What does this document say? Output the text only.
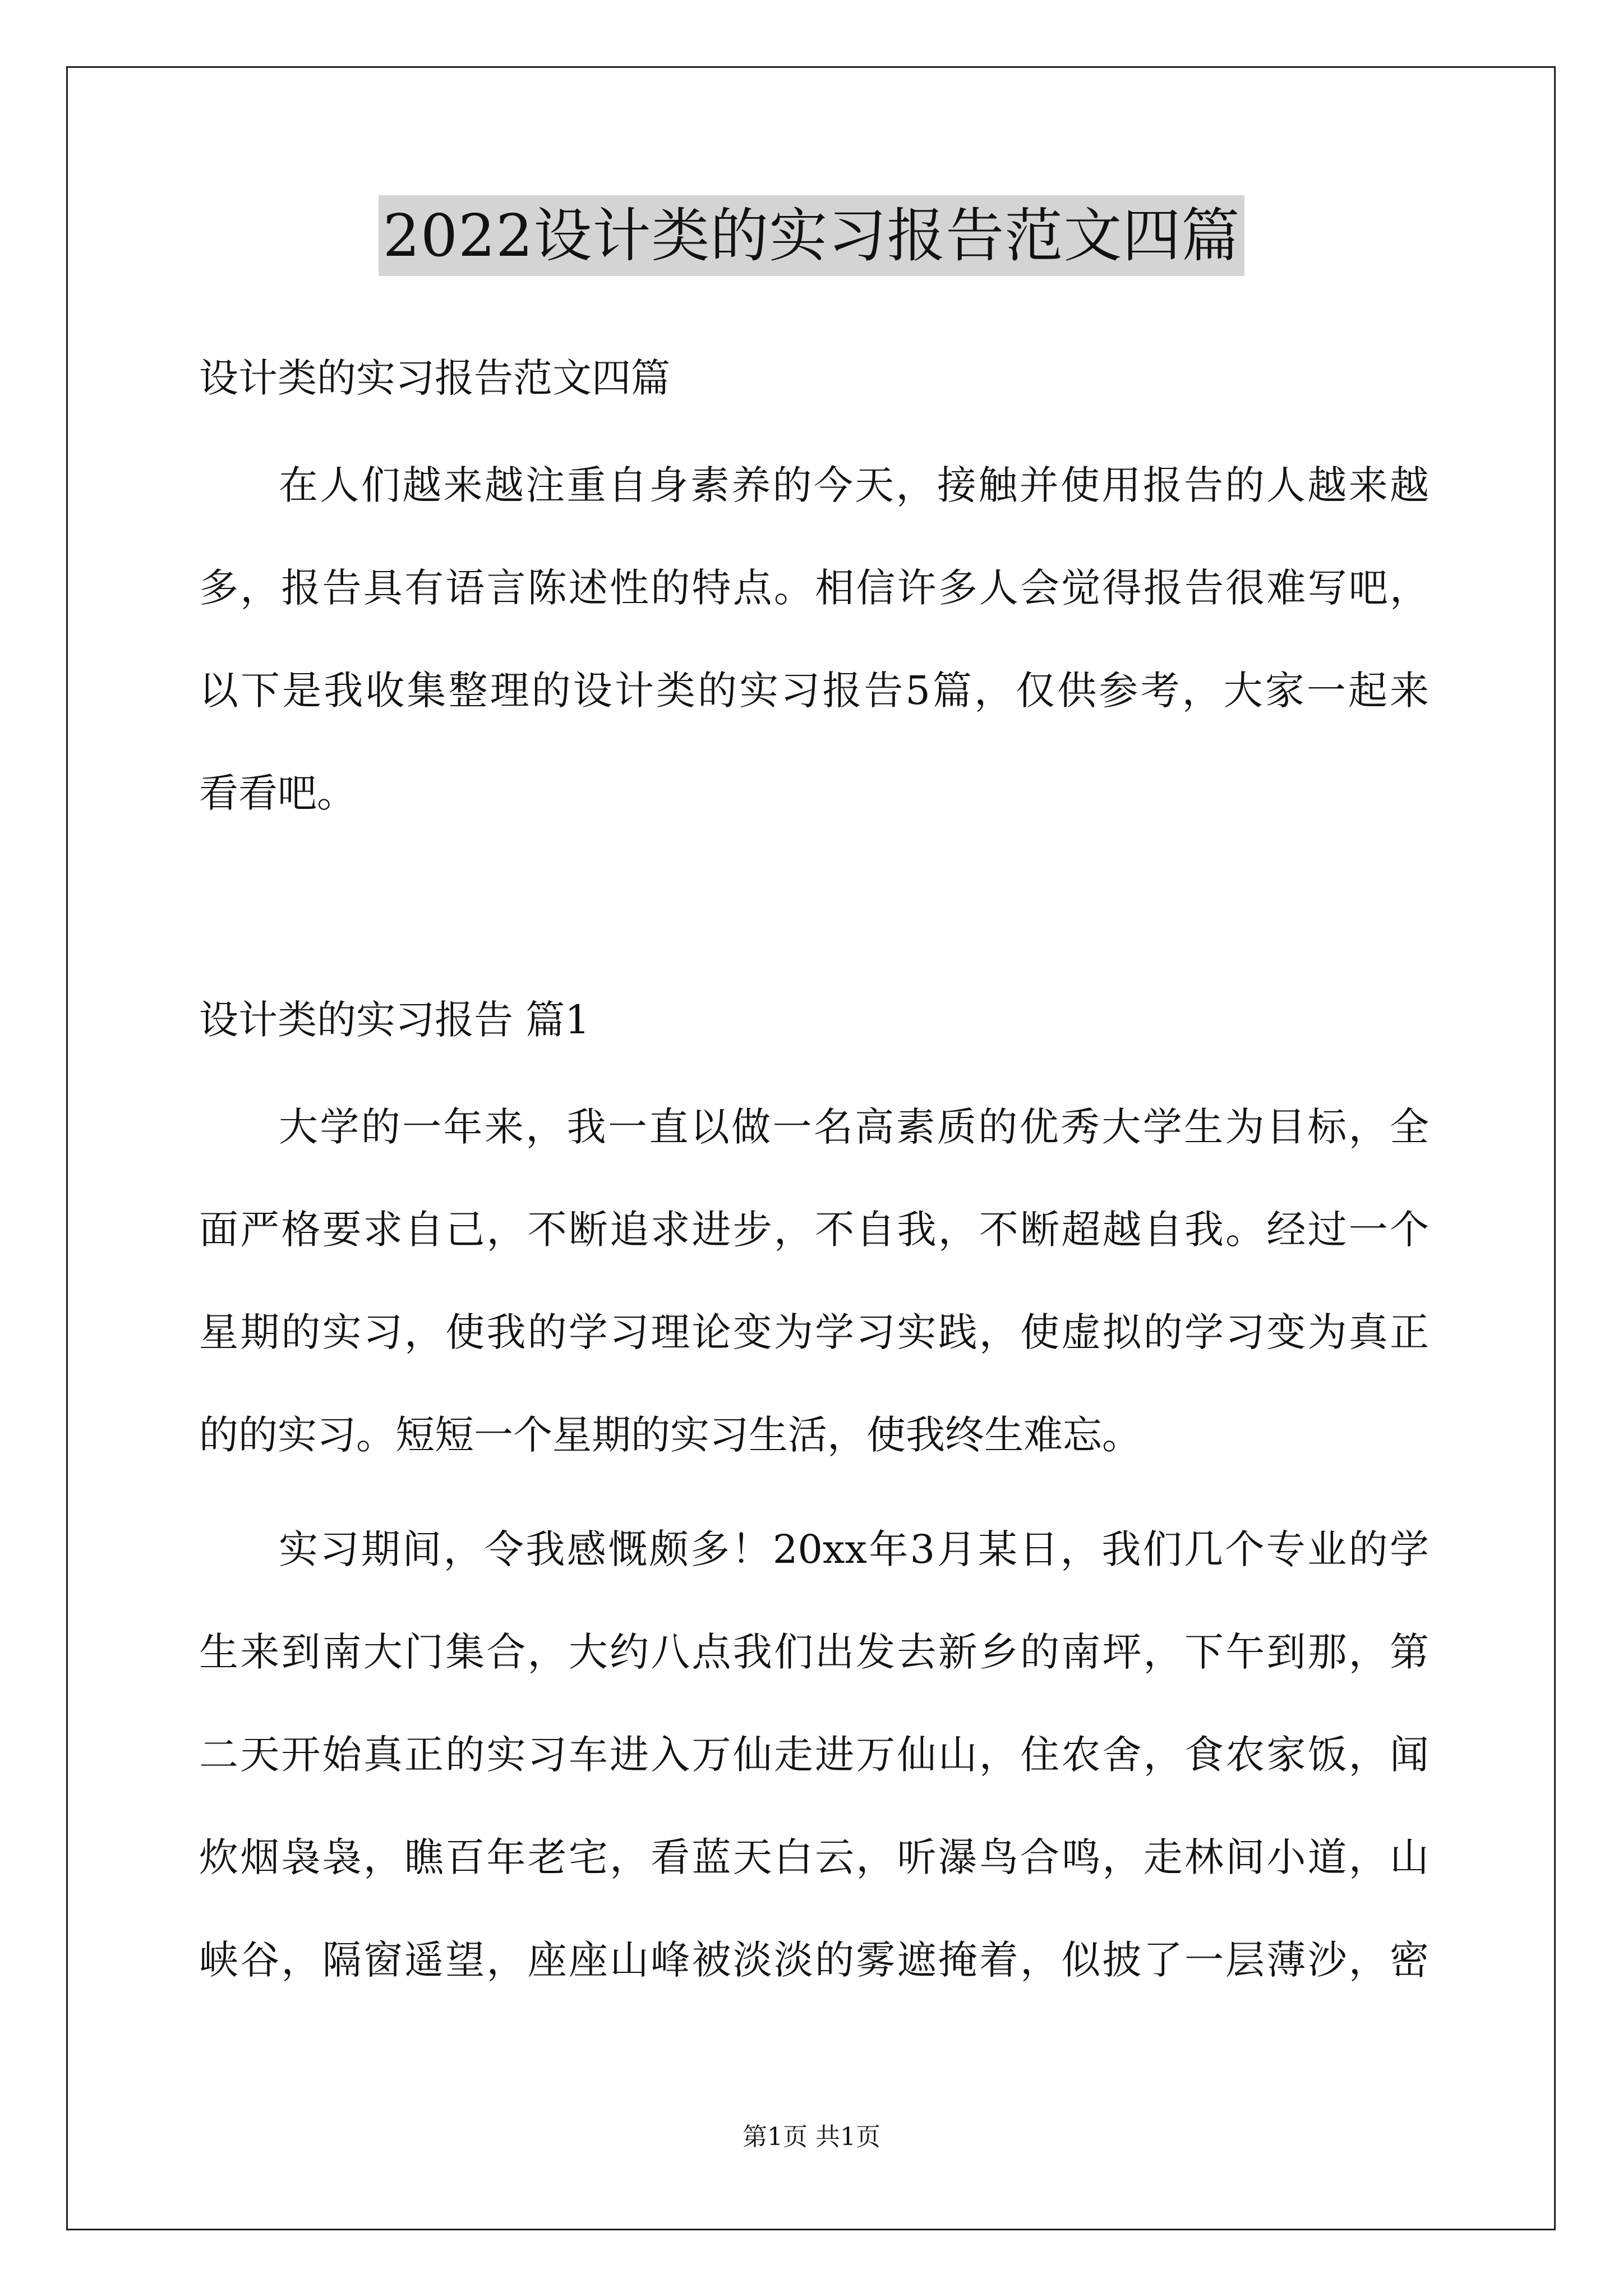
2022设计类的实习报告范文四篇
设计类的实习报告范文四篇
在人们越来越注重自身素养的今天，接触并使用报告的人越来越
多，报告具有语言陈述性的特点。相信许多人会觉得报告很难写吧，
以下是我收集整理的设计类的实习报告5篇，仅供参考，大家一起来
看看吧。
设计类的实习报告 篇1
大学的一年来，我一直以做一名高素质的优秀大学生为目标，全
面严格要求自己，不断追求进步，不自我，不断超越自我。经过一个
星期的实习，使我的学习理论变为学习实践，使虚拟的学习变为真正
的的实习。短短一个星期的实习生活，使我终生难忘。
实习期间，令我感慨颇多！20xx年3月某日，我们几个专业的学
生来到南大门集合，大约八点我们出发去新乡的南坪，下午到那，第
二天开始真正的实习车进入万仙走进万仙山，住农舍，食农家饭，闻
炊烟袅袅，瞧百年老宅，看蓝天白云，听瀑鸟合鸣，走林间小道，山
峡谷，隔窗遥望，座座山峰被淡淡的雾遮掩着，似披了一层薄沙，密
第1页 共1页
